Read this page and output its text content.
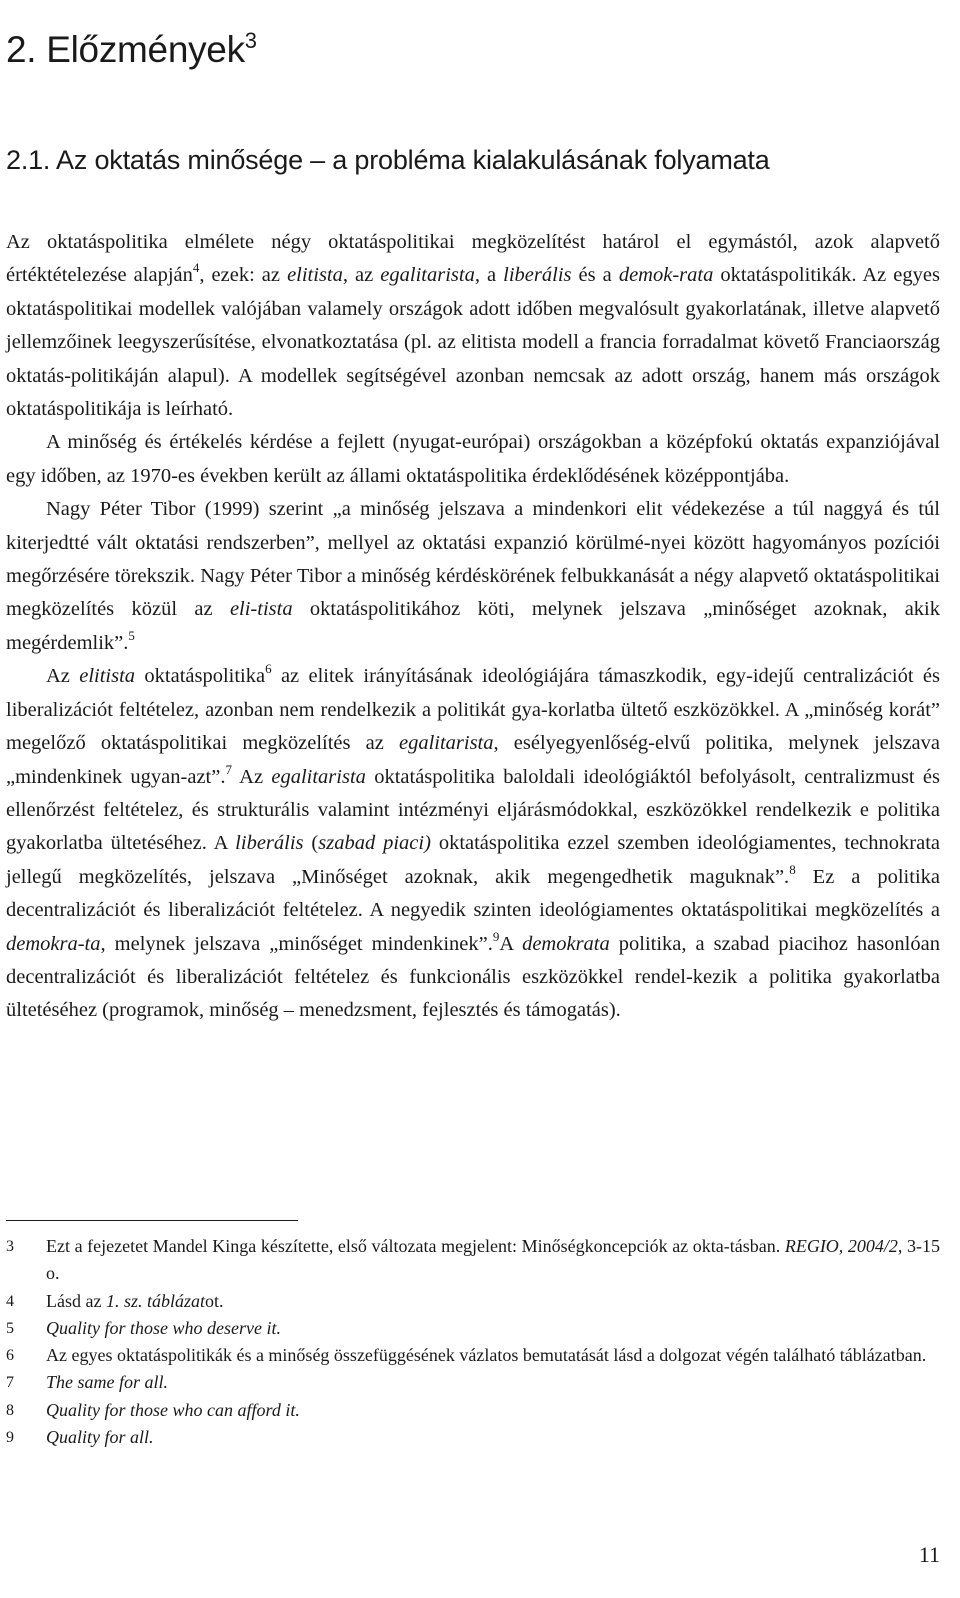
2. Előzmények$^3$
2.1. Az oktatás minősége – a probléma kialakulásának folyamata

Az oktatáspolitika elmélete négy oktatáspolitikai megközelítést határol el egymástól, azok alapvető értéktételezése alapján$^4$, ezek: az elitista, az egalitarista, a liberális és a demok-rata oktatáspolitikák. Az egyes oktatáspolitikai modellek valójában valamely országok adott időben megvalósult gyakorlatának, illetve alapvető jellemzőinek leegyszerűsítése, elvonatkoztatása (pl. az elitista modell a francia forradalmat követő Franciaország oktatás-politikáján alapul). A modellek segítségével azonban nemcsak az adott ország, hanem más országok oktatáspolitikája is leírható.

A minőség és értékelés kérdése a fejlett (nyugat-európai) országokban a középfokú oktatás expanziójával egy időben, az 1970-es években került az állami oktatáspolitika érdeklődésének középpontjába.

Nagy Péter Tibor (1999) szerint „a minőség jelszava a mindenkori elit védekezése a túl naggyá és túl kiterjedtté vált oktatási rendszerben”, mellyel az oktatási expanzió körülmé-nyei között hagyományos pozíciói megőrzésére törekszik. Nagy Péter Tibor a minőség kérdéskörének felbukkanását a négy alapvető oktatáspolitikai megközelítés közül az eli-tista oktatáspolitikához köti, melynek jelszava „minőséget azoknak, akik megérdemlik”.$^5$

Az elitista oktatáspolitika$^6$ az elitek irányításának ideológiájára támaszkodik, egy-idejű centralizációt és liberalizációt feltételez, azonban nem rendelkezik a politikát gya-korlatba ültető eszközökkel. A „minőség korát” megelőző oktatáspolitikai megközelítés az egalitarista, esélyegyenlőség-elvű politika, melynek jelszava „mindenkinek ugyan-azt”.$^7$ Az egalitarista oktatáspolitika baloldali ideológiáktól befolyásolt, centralizmust és ellenőrzést feltételez, és strukturális valamint intézményi eljárásmódokkal, eszközökkel rendelkezik e politika gyakorlatba ültetéséhez. A liberális (szabad piaci) oktatáspolitika ezzel szemben ideológiamentes, technokrata jellegű megközelítés, jelszava „Minőséget azoknak, akik megengedhetik maguknak”.$^8$ Ez a politika decentralizációt és liberalizációt feltételez. A negyedik szinten ideológiamentes oktatáspolitikai megközelítés a demokra-ta, melynek jelszava „minőséget mindenkinek”.$^9$A demokrata politika, a szabad piacihoz hasonlóan decentralizációt és liberalizációt feltételez és funkcionális eszközökkel rendel-kezik a politika gyakorlatba ültetéséhez (programok, minőség – menedzsment, fejlesztés és támogatás).

3 Ezt a fejezetet Mandel Kinga készítette, első változata megjelent: Minőségkoncepciók az okta-tásban. REGIO, 2004/2, 3-15 o.
4 Lásd az 1. sz. táblázatot.
5 Quality for those who deserve it.
6 Az egyes oktatáspolitikák és a minőség összefüggésének vázlatos bemutatását lásd a dolgozat végén található táblázatban.
7 The same for all.
8 Quality for those who can afford it.
9 Quality for all.
11
